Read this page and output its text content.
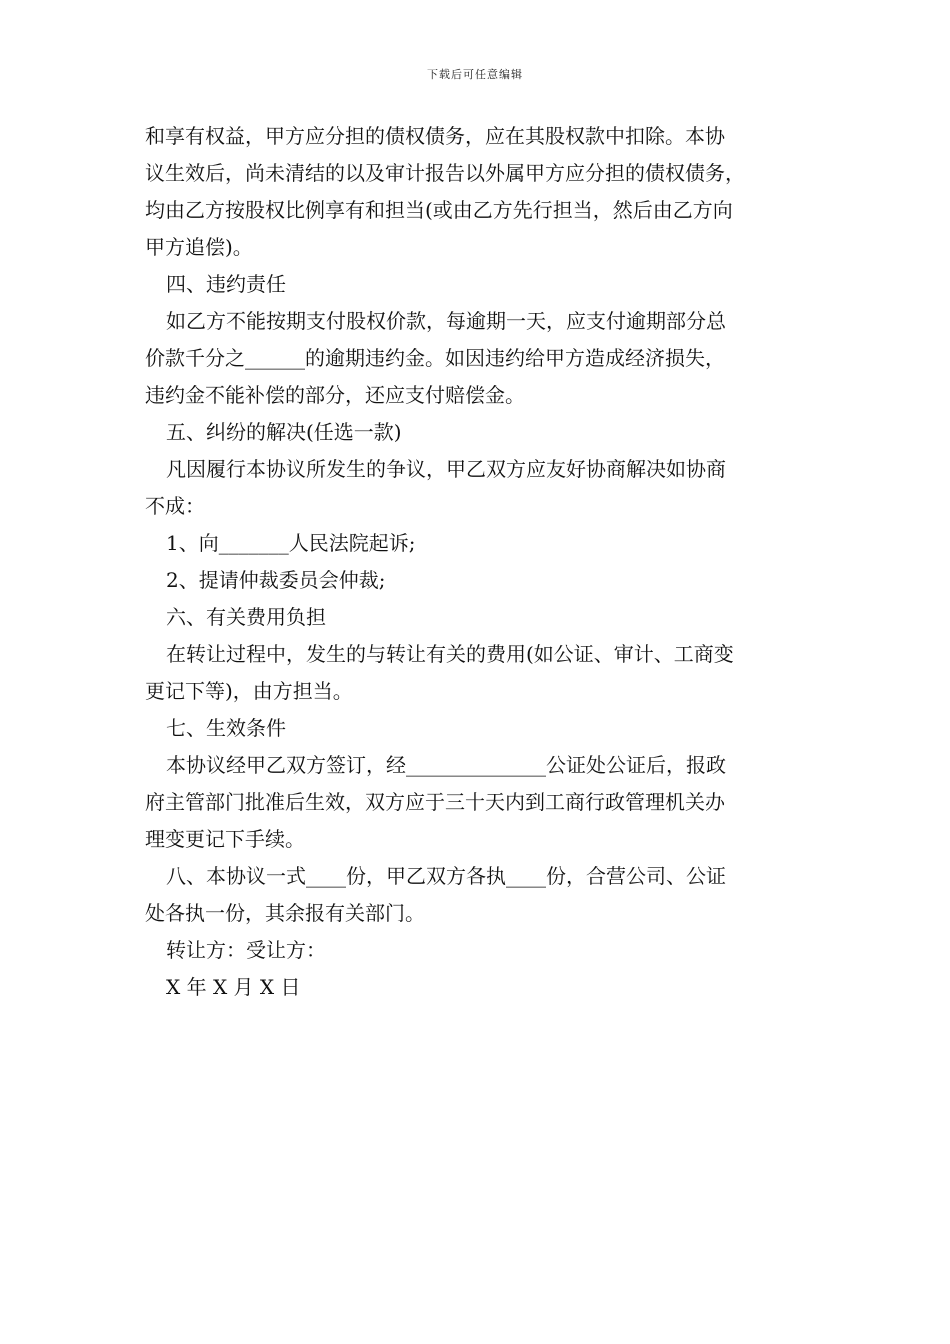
下载后可任意编辑
和享有权益，甲方应分担的债权债务，应在其股权款中扣除。本协
议生效后，尚未清结的以及审计报告以外属甲方应分担的债权债务，
均由乙方按股权比例享有和担当(或由乙方先行担当，然后由乙方向
甲方追偿)。
四、违约责任
如乙方不能按期支付股权价款，每逾期一天，应支付逾期部分总
价款千分之______的逾期违约金。如因违约给甲方造成经济损失，
违约金不能补偿的部分，还应支付赔偿金。
五、纠纷的解决(任选一款)
凡因履行本协议所发生的争议，甲乙双方应友好协商解决如协商
不成：
1、向_______人民法院起诉;
2、提请仲裁委员会仲裁;
六、有关费用负担
在转让过程中，发生的与转让有关的费用(如公证、审计、工商变
更记下等)，由方担当。
七、生效条件
本协议经甲乙双方签订，经______________公证处公证后，报政
府主管部门批准后生效，双方应于三十天内到工商行政管理机关办
理变更记下手续。
八、本协议一式____份，甲乙双方各执____份，合营公司、公证
处各执一份，其余报有关部门。
转让方：受让方：
X 年 X 月 X 日
